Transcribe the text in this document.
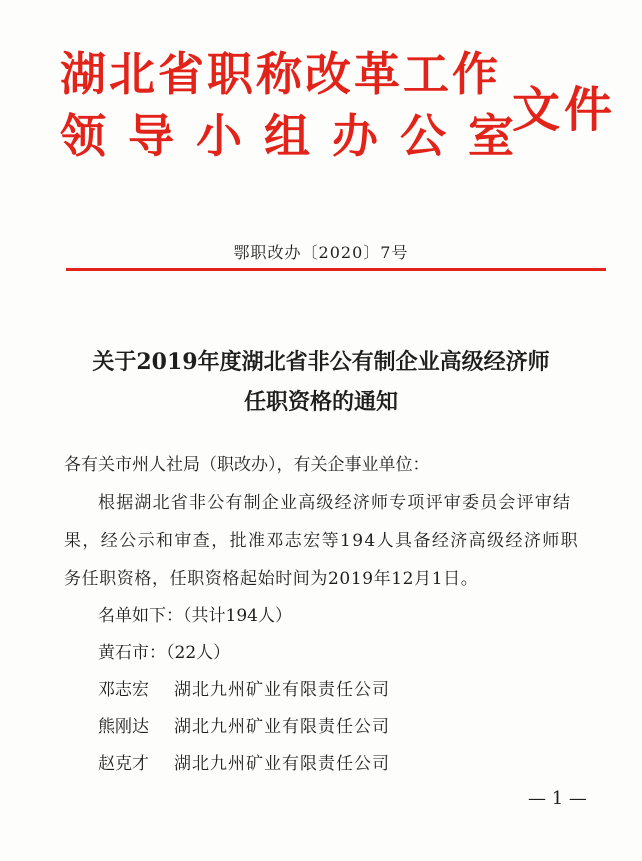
湖北省职称改革工作
领导小组办公室
文件
鄂职改办〔2020〕7号
关于2019年度湖北省非公有制企业高级经济师
任职资格的通知
各有关市州人社局（职改办），有关企事业单位：
根据湖北省非公有制企业高级经济师专项评审委员会评审结
果，经公示和审查，批准邓志宏等194人具备经济高级经济师职
务任职资格，任职资格起始时间为2019年12月1日。
名单如下：（共计194人）
黄石市：（22人）
邓志宏 湖北九州矿业有限责任公司
熊刚达 湖北九州矿业有限责任公司
赵克才 湖北九州矿业有限责任公司
— 1 —
